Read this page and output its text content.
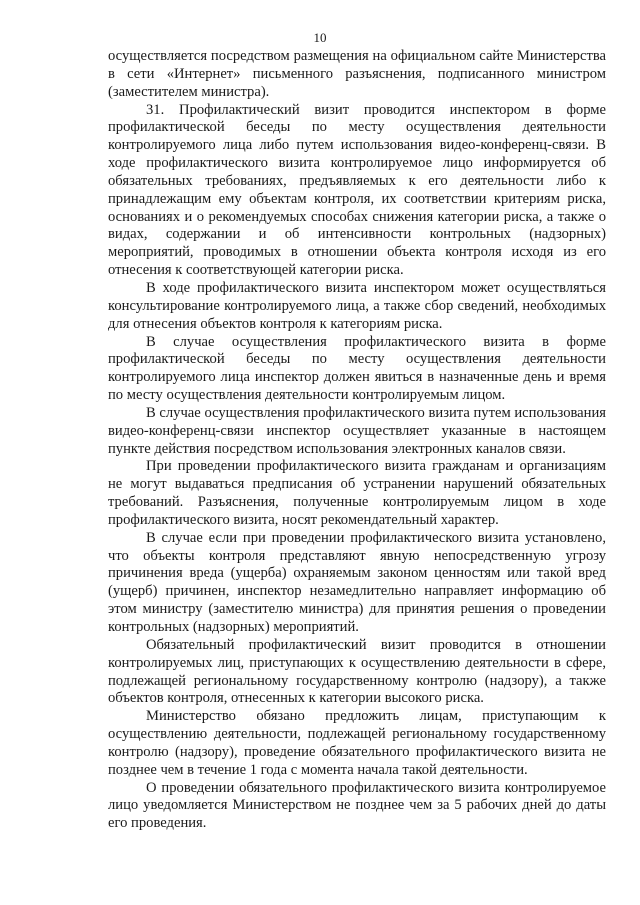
10

осуществляется посредством размещения на официальном сайте Министерства в сети «Интернет» письменного разъяснения, подписанного министром (заместителем министра).

31. Профилактический визит проводится инспектором в форме профилактической беседы по месту осуществления деятельности контролируемого лица либо путем использования видео-конференц-связи. В ходе профилактического визита контролируемое лицо информируется об обязательных требованиях, предъявляемых к его деятельности либо к принадлежащим ему объектам контроля, их соответствии критериям риска, основаниях и о рекомендуемых способах снижения категории риска, а также о видах, содержании и об интенсивности контрольных (надзорных) мероприятий, проводимых в отношении объекта контроля исходя из его отнесения к соответствующей категории риска.

В ходе профилактического визита инспектором может осуществляться консультирование контролируемого лица, а также сбор сведений, необходимых для отнесения объектов контроля к категориям риска.

В случае осуществления профилактического визита в форме профилактической беседы по месту осуществления деятельности контролируемого лица инспектор должен явиться в назначенные день и время по месту осуществления деятельности контролируемым лицом.

В случае осуществления профилактического визита путем использования видео-конференц-связи инспектор осуществляет указанные в настоящем пункте действия посредством использования электронных каналов связи.

При проведении профилактического визита гражданам и организациям не могут выдаваться предписания об устранении нарушений обязательных требований. Разъяснения, полученные контролируемым лицом в ходе профилактического визита, носят рекомендательный характер.

В случае если при проведении профилактического визита установлено, что объекты контроля представляют явную непосредственную угрозу причинения вреда (ущерба) охраняемым законом ценностям или такой вред (ущерб) причинен, инспектор незамедлительно направляет информацию об этом министру (заместителю министра) для принятия решения о проведении контрольных (надзорных) мероприятий.

Обязательный профилактический визит проводится в отношении контролируемых лиц, приступающих к осуществлению деятельности в сфере, подлежащей региональному государственному контролю (надзору), а также объектов контроля, отнесенных к категории высокого риска.

Министерство обязано предложить лицам, приступающим к осуществлению деятельности, подлежащей региональному государственному контролю (надзору), проведение обязательного профилактического визита не позднее чем в течение 1 года с момента начала такой деятельности.

О проведении обязательного профилактического визита контролируемое лицо уведомляется Министерством не позднее чем за 5 рабочих дней до даты его проведения.
